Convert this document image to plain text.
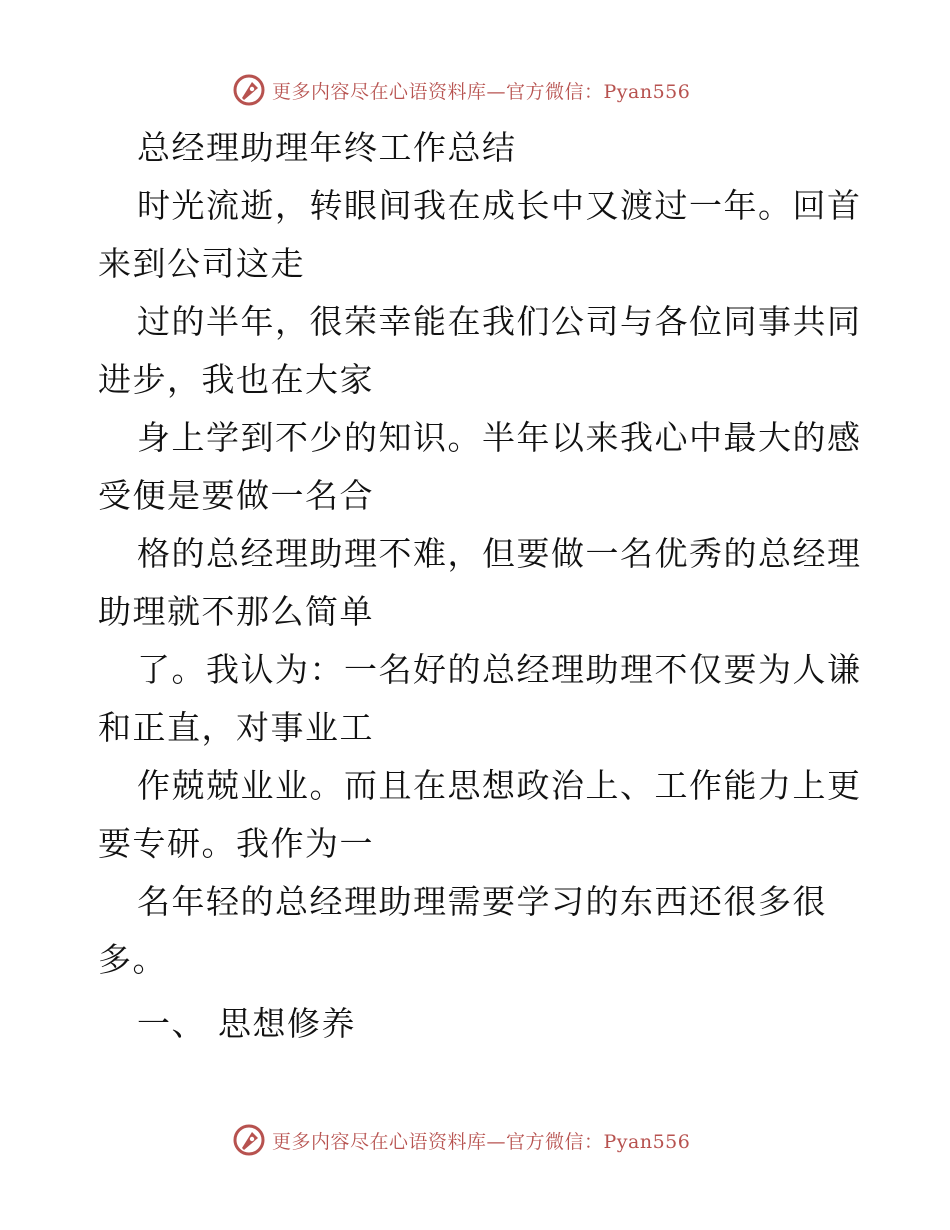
更多内容尽在心语资料库—官方微信：Pyan556
总经理助理年终工作总结
时光流逝，转眼间我在成长中又渡过一年。回首
来到公司这走
过的半年，很荣幸能在我们公司与各位同事共同
进步，我也在大家
身上学到不少的知识。半年以来我心中最大的感
受便是要做一名合
格的总经理助理不难，但要做一名优秀的总经理
助理就不那么简单
了。我认为：一名好的总经理助理不仅要为人谦
和正直，对事业工
作兢兢业业。而且在思想政治上、工作能力上更
要专研。我作为一
名年轻的总经理助理需要学习的东西还很多很
多。
一、 思想修养
更多内容尽在心语资料库—官方微信：Pyan556
